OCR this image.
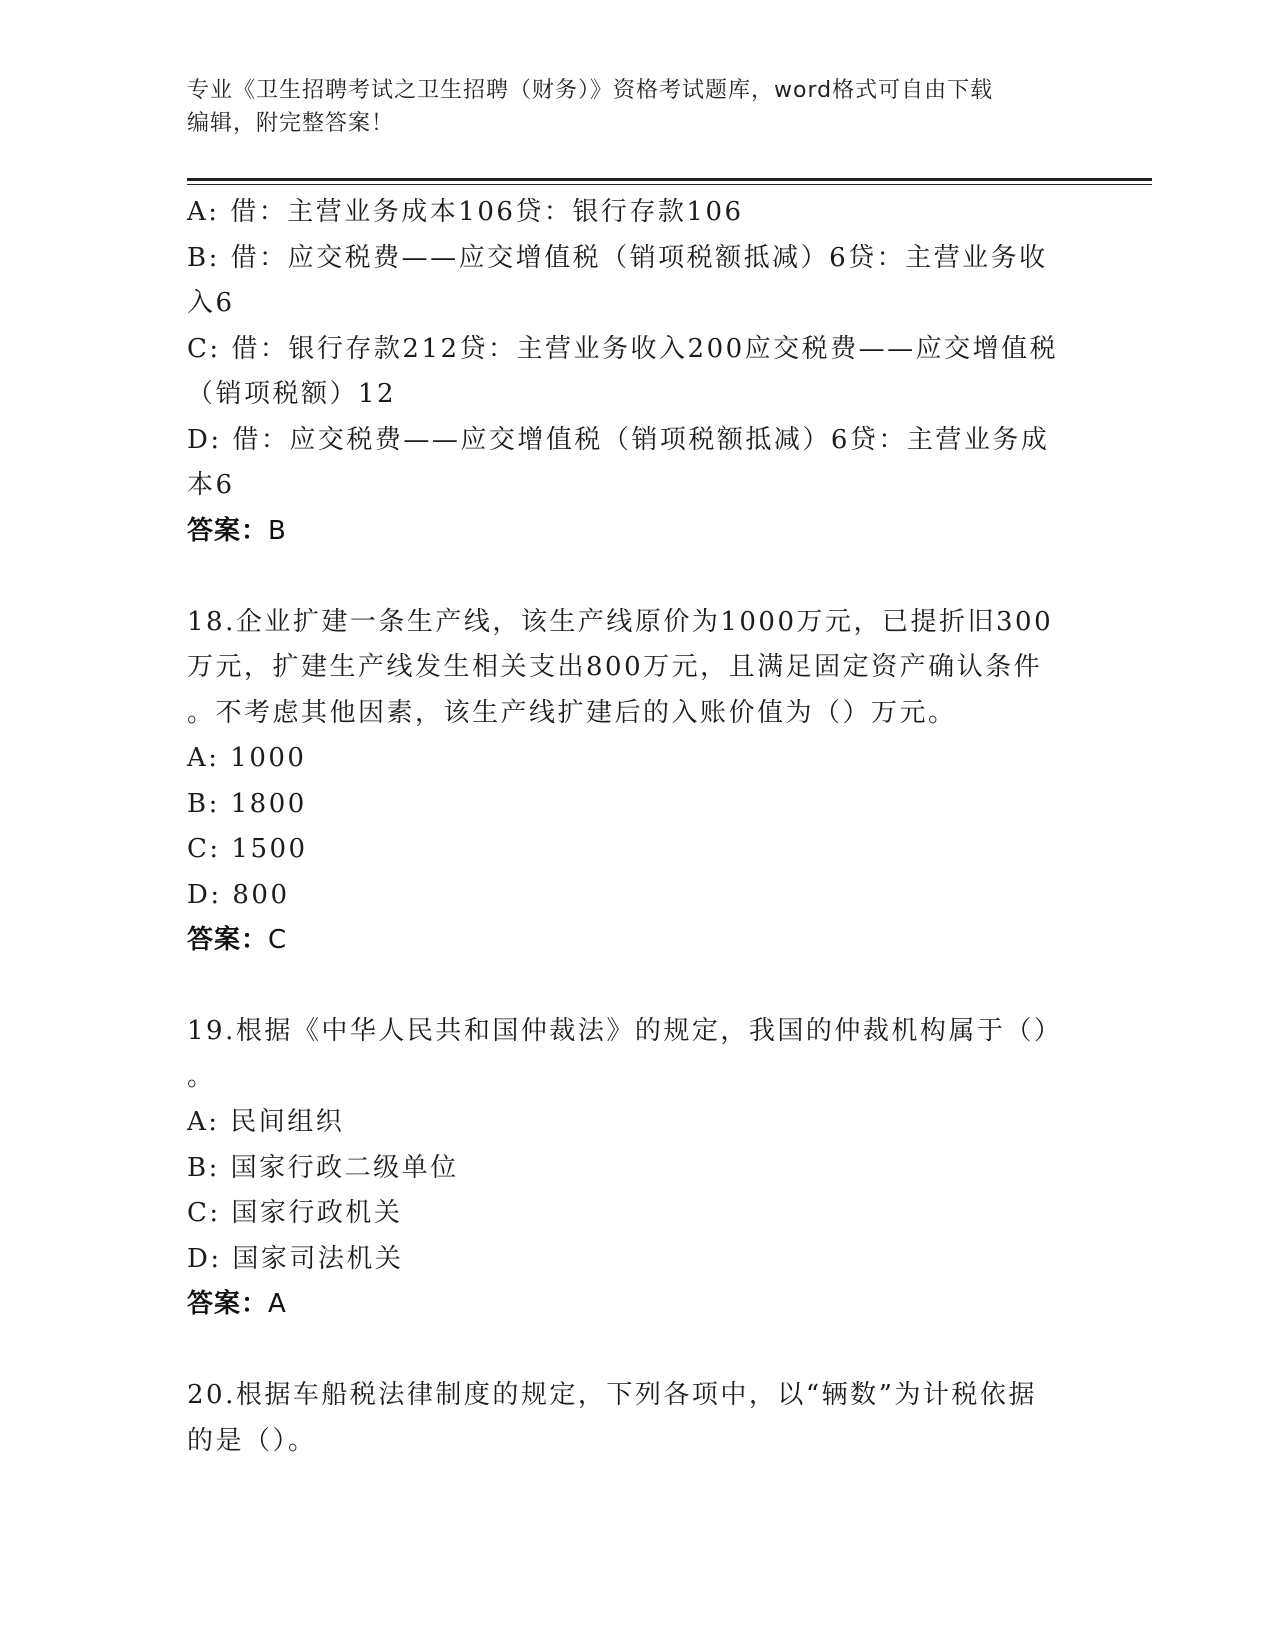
专业《卫生招聘考试之卫生招聘（财务）》资格考试题库，word格式可自由下载
编辑，附完整答案！
A: 借：主营业务成本106贷：银行存款106
B: 借：应交税费——应交增值税（销项税额抵减）6贷：主营业务收
入6
C: 借：银行存款212贷：主营业务收入200应交税费——应交增值税
（销项税额）12
D: 借：应交税费——应交增值税（销项税额抵减）6贷：主营业务成
本6
答案：B
18.企业扩建一条生产线，该生产线原价为1000万元，已提折旧300
万元，扩建生产线发生相关支出800万元，且满足固定资产确认条件
。不考虑其他因素，该生产线扩建后的入账价值为（）万元。
A: 1000
B: 1800
C: 1500
D: 800
答案：C
19.根据《中华人民共和国仲裁法》的规定，我国的仲裁机构属于（）
。
A: 民间组织
B: 国家行政二级单位
C: 国家行政机关
D: 国家司法机关
答案：A
20.根据车船税法律制度的规定，下列各项中，以“辆数”为计税依据
的是（）。
